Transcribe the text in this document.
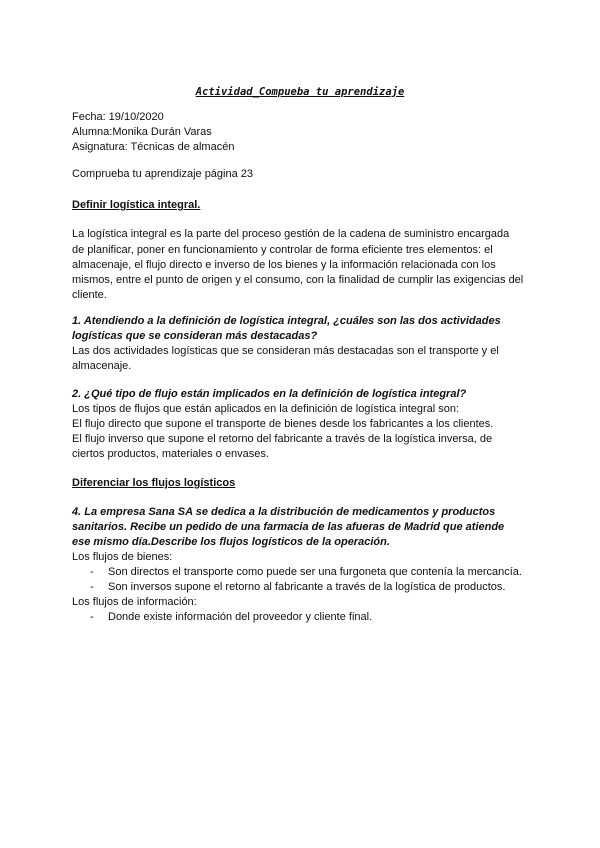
Actividad_Compueba tu aprendizaje
Fecha: 19/10/2020
Alumna:Monika Durán Varas
Asignatura: Técnicas de almacén
Comprueba tu aprendizaje página 23
Definir logística integral.
La logística integral es la parte del proceso gestión de la cadena de suministro encargada
de planificar, poner en funcionamiento y controlar de forma eficiente tres elementos: el
almacenaje, el flujo directo e inverso de los bienes y la información relacionada con los
mismos, entre el punto de origen y el consumo, con la finalidad de cumplir las exigencias del
cliente.
1. Atendiendo a la definición de logística integral, ¿cuáles son las dos actividades
logísticas que se consideran más destacadas?
Las dos actividades logísticas que se consideran más destacadas son el transporte y el
almacenaje.
2. ¿Qué tipo de flujo están implicados en la definición de logística integral?
Los tipos de flujos que están aplicados en la definición de logística integral son:
El flujo directo que supone el transporte de bienes desde los fabricantes a los clientes.
El flujo inverso que supone el retorno del fabricante a través de la logística inversa, de
ciertos productos, materiales o envases.
Diferenciar los flujos logísticos
4. La empresa Sana SA se dedica a la distribución de medicamentos y productos
sanitarios. Recibe un pedido de una farmacia de las afueras de Madrid que atiende
ese mismo día.Describe los flujos logísticos de la operación.
Los flujos de bienes:
- Son directos el transporte como puede ser una furgoneta que contenía la mercancía.
- Son inversos supone el retorno al fabricante a través de la logística de productos.
Los flujos de información:
- Donde existe información del proveedor y cliente final.
